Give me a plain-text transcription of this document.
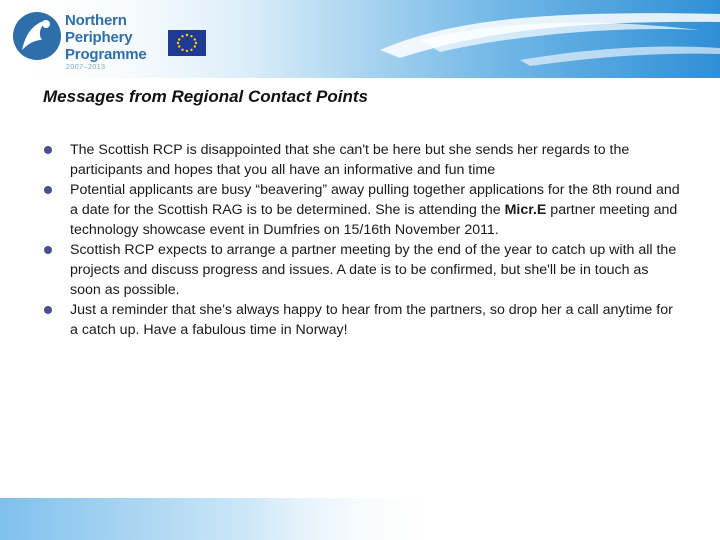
Northern
Periphery
Programme
2007–2013
Messages from Regional Contact Points
The Scottish RCP is disappointed that she can't be here but she sends her regards to the participants and hopes that you all have an informative and fun time
Potential applicants are busy “beavering” away pulling together applications for the 8th round and a date for the Scottish RAG is to be determined. She is attending the Micr.E partner meeting and technology showcase event in Dumfries on 15/16th November 2011.
Scottish RCP expects to arrange a partner meeting by the end of the year to catch up with all the projects and discuss progress and issues. A date is to be confirmed, but she'll be in touch as soon as possible.
Just a reminder that she's always happy to hear from the partners, so drop her a call anytime for a catch up. Have a fabulous time in Norway!
